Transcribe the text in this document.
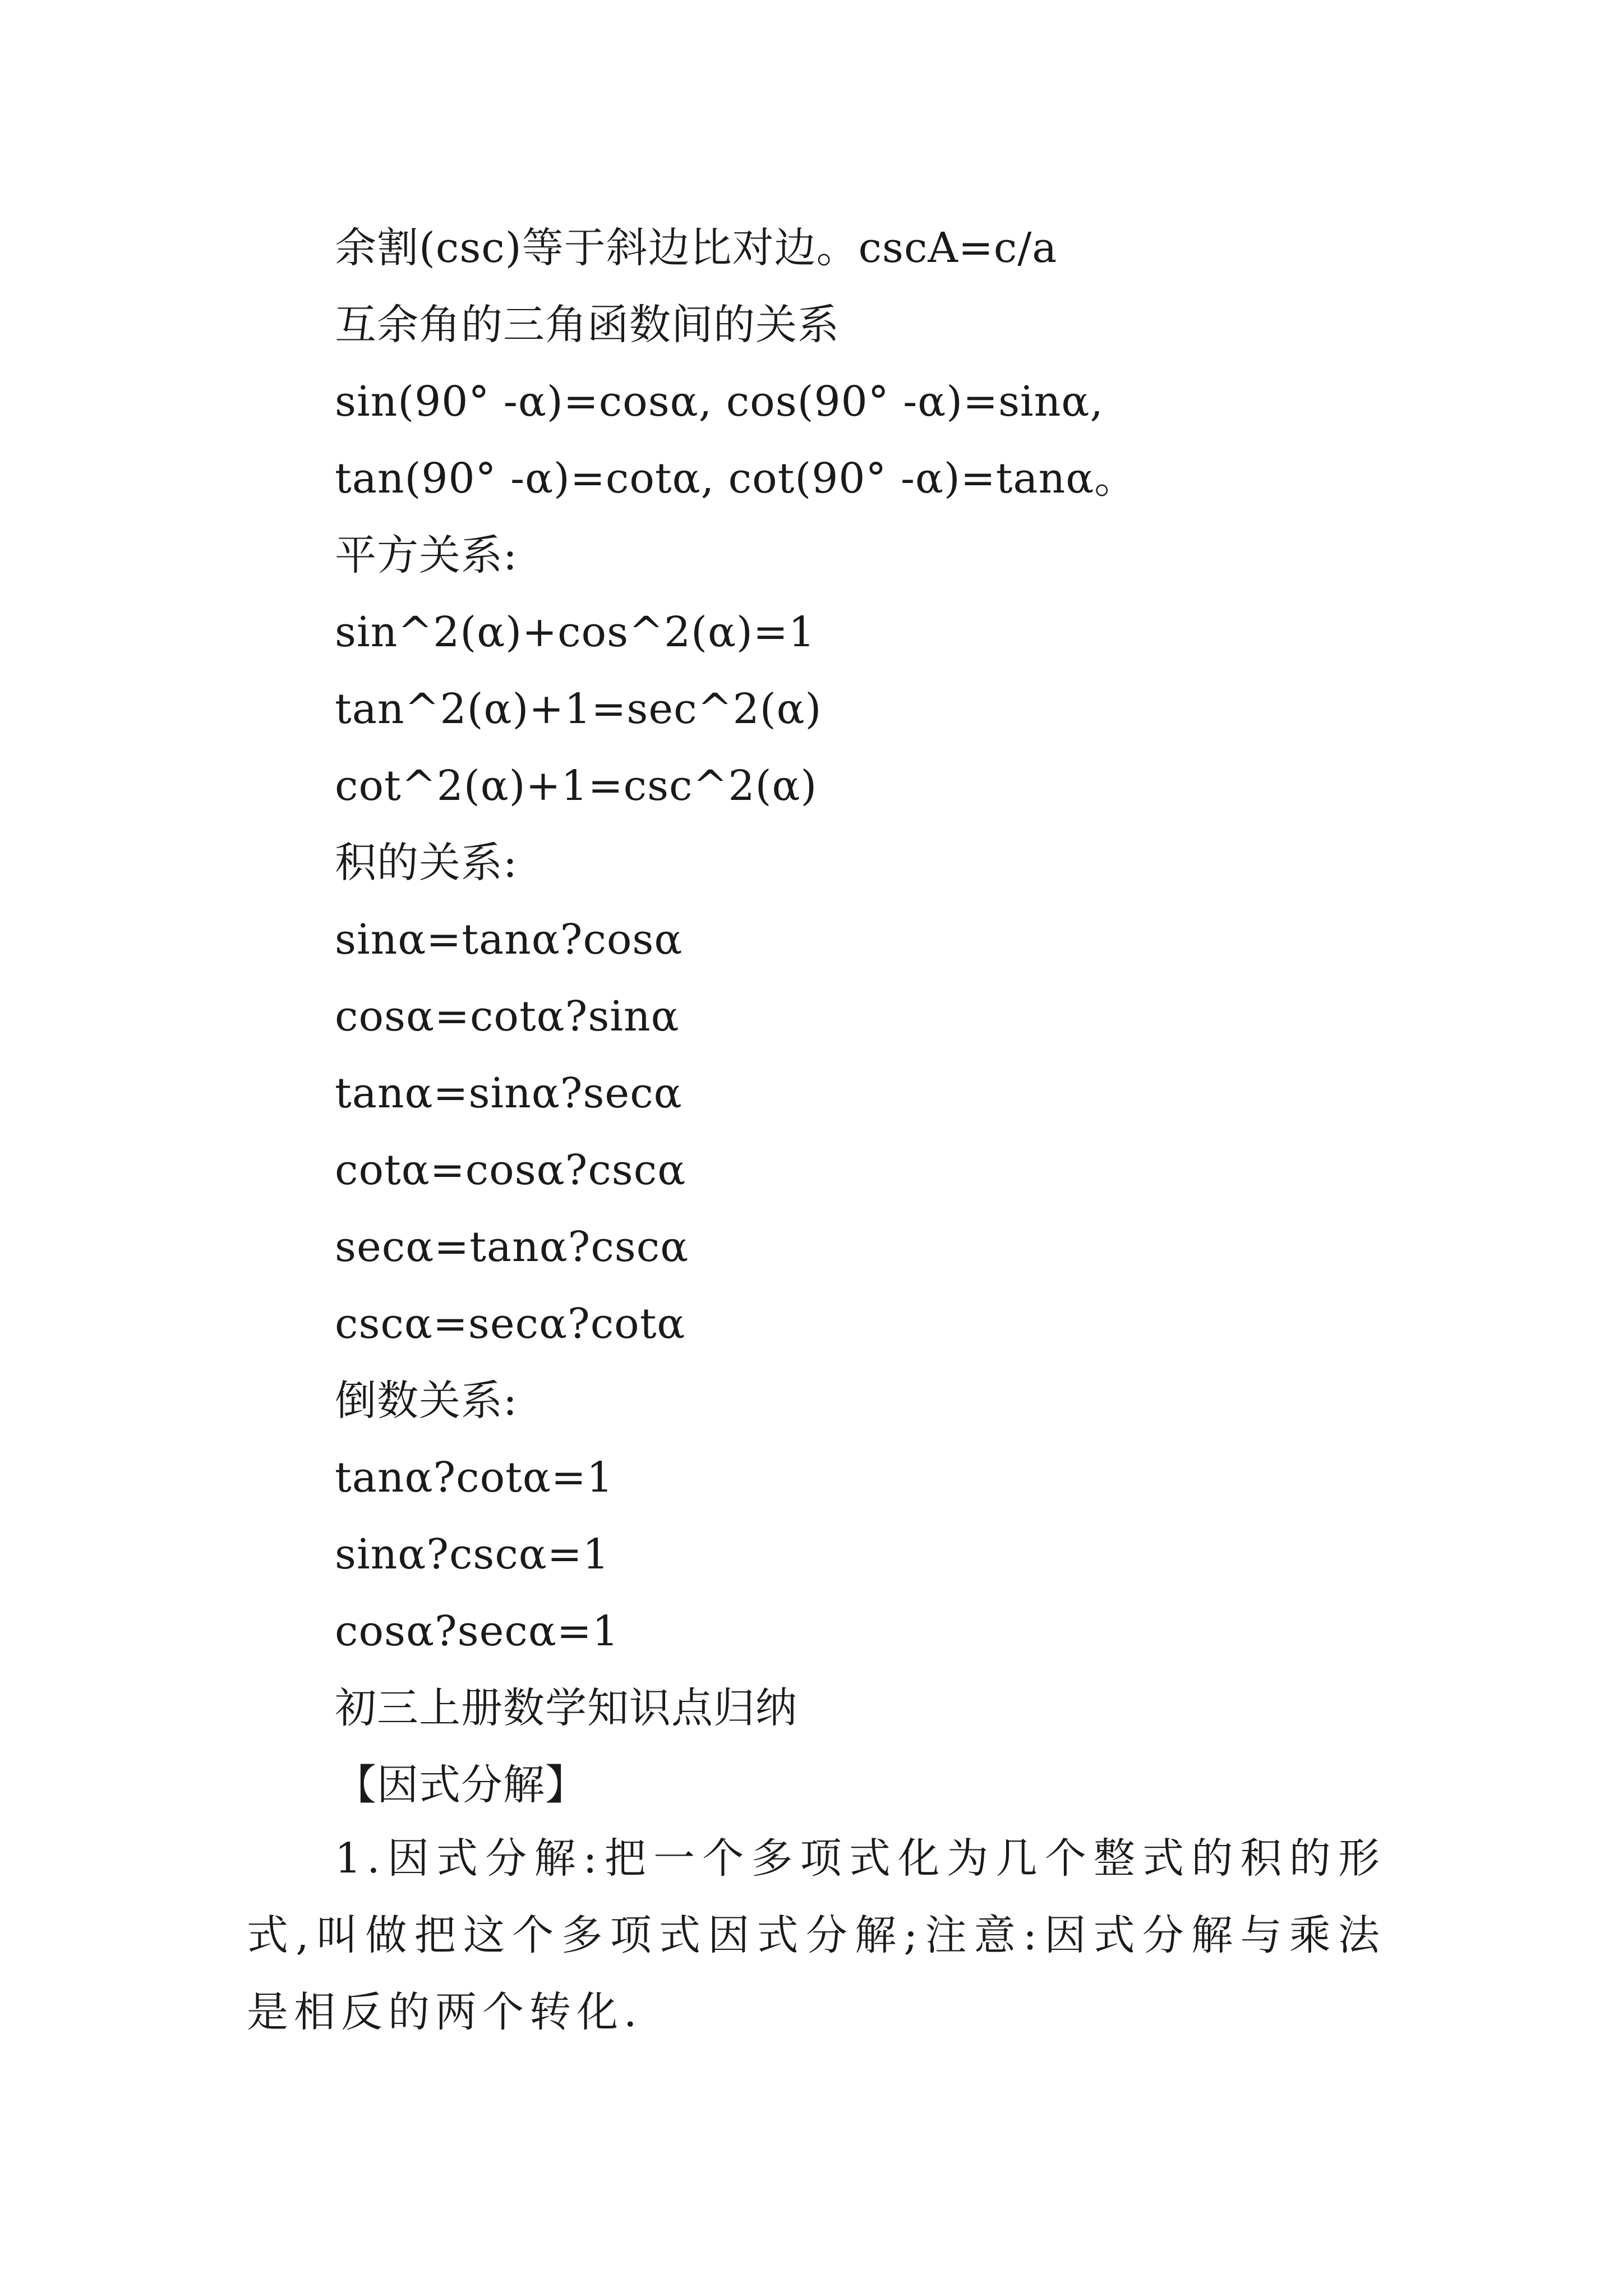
余割(csc)等于斜边比对边。cscA=c/a
互余角的三角函数间的关系
sin(90° -α)=cosα, cos(90° -α)=sinα,
tan(90° -α)=cotα, cot(90° -α)=tanα。
平方关系:
sin^2(α)+cos^2(α)=1
tan^2(α)+1=sec^2(α)
cot^2(α)+1=csc^2(α)
积的关系:
sinα=tanα?cosα
cosα=cotα?sinα
tanα=sinα?secα
cotα=cosα?cscα
secα=tanα?cscα
cscα=secα?cotα
倒数关系:
tanα?cotα=1
sinα?cscα=1
cosα?secα=1
初三上册数学知识点归纳
【因式分解】
1.因式分解:把一个多项式化为几个整式的积的形式,叫做把这个多项式因式分解;注意:因式分解与乘法是相反的两个转化.
